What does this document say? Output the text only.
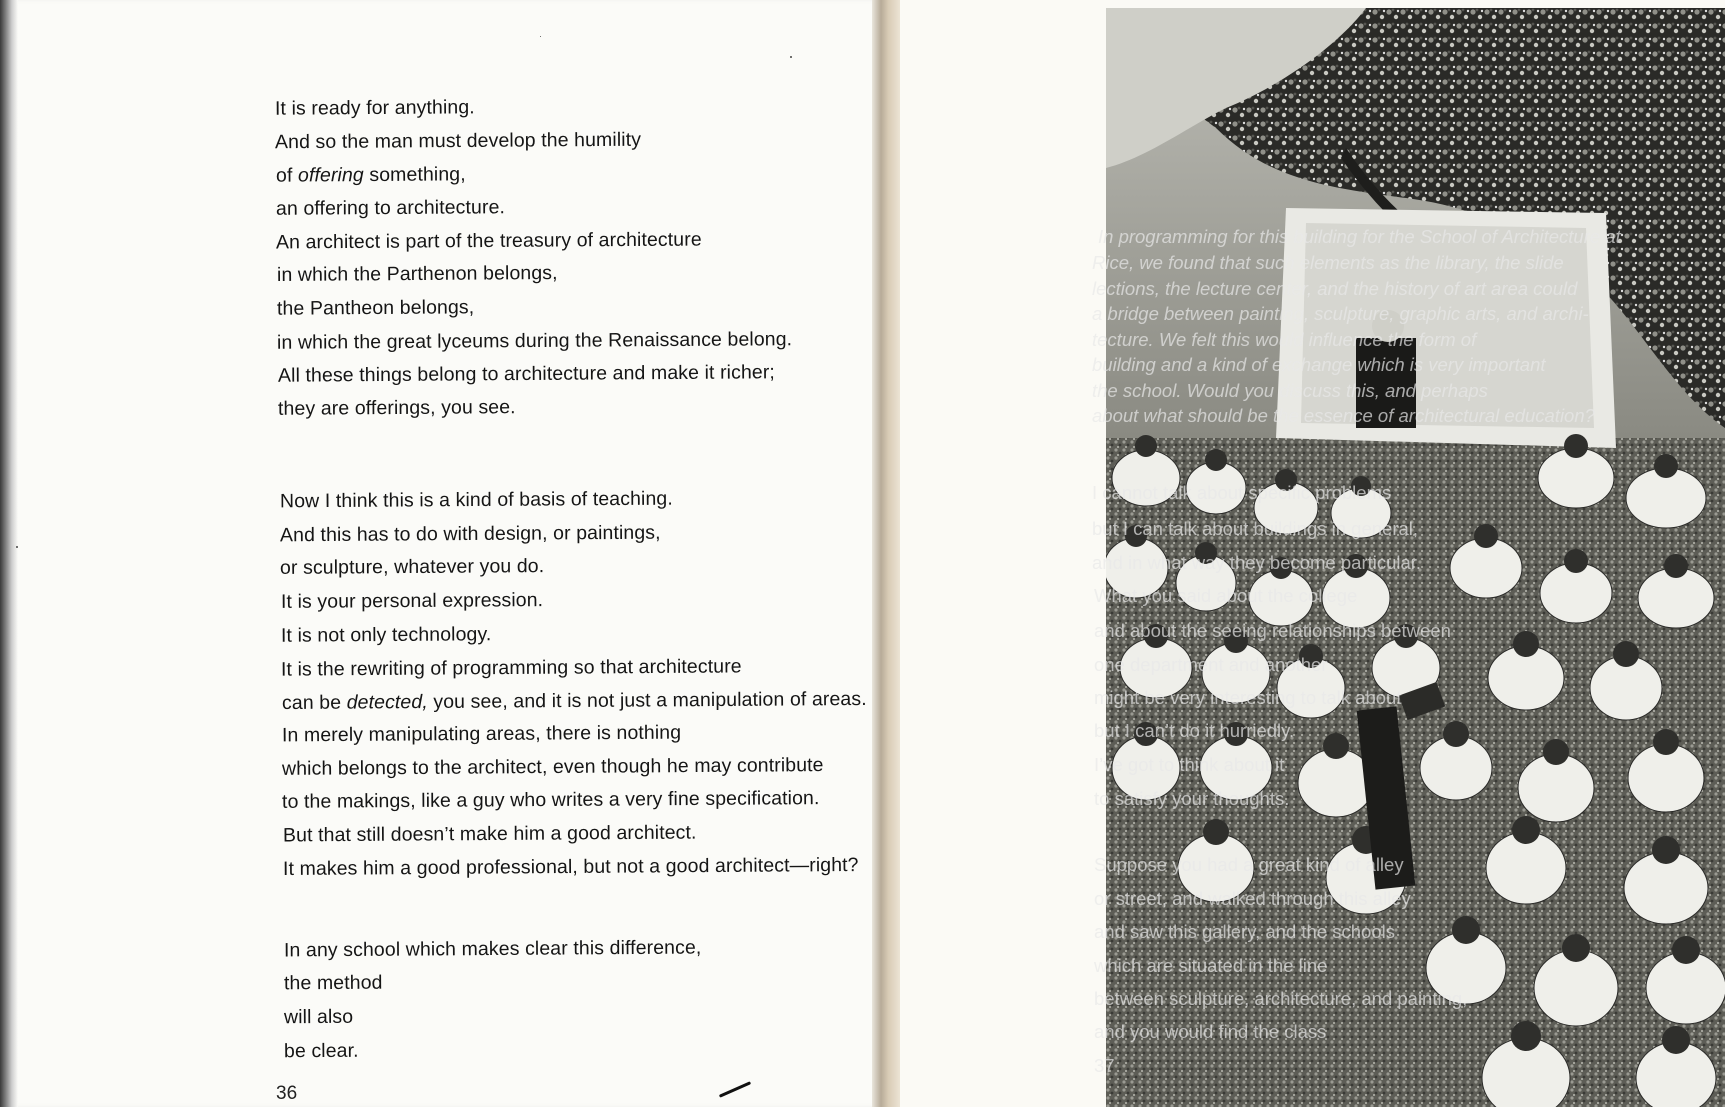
It is ready for anything.
And so the man must develop the humility
of offering something,
an offering to architecture.
An architect is part of the treasury of architecture
in which the Parthenon belongs,
the Pantheon belongs,
in which the great lyceums during the Renaissance belong.
All these things belong to architecture and make it richer;
they are offerings, you see.
Now I think this is a kind of basis of teaching.
And this has to do with design, or paintings,
or sculpture, whatever you do.
It is your personal expression.
It is not only technology.
It is the rewriting of programming so that architecture
can be detected, you see, and it is not just a manipulation of areas.
In merely manipulating areas, there is nothing
which belongs to the architect, even though he may contribute
to the makings, like a guy who writes a very fine specification.
But that still doesn’t make him a good architect.
It makes him a good professional, but not a good architect—right?
In any school which makes clear this difference,
the method
will also
be clear.
36
In programming for this building for the School of Architecture at
Rice, we found that such elements as the library, the slide
lections, the lecture center, and the history of art area could
a bridge between painting, sculpture, graphic arts, and archi-
tecture. We felt this would influence the form of
building and a kind of exchange which is very important
the school. Would you discuss this, and perhaps
about what should be the essence of architectural education?
I cannot talk about specific problems
but I can talk about buildings in general,
and in what way they become particular.
What you said about the college
and about the seeing relationships between
one department and another
might be very interesting to talk about
but I can’t do it hurriedly.
I’ve got to think about it
to satisfy your thoughts.
Suppose you had a great kind of alley
or street, and walked through this alley
and saw this gallery, and the schools
which are situated in the line
between sculpture, architecture, and painting,
and you would find the class
37
